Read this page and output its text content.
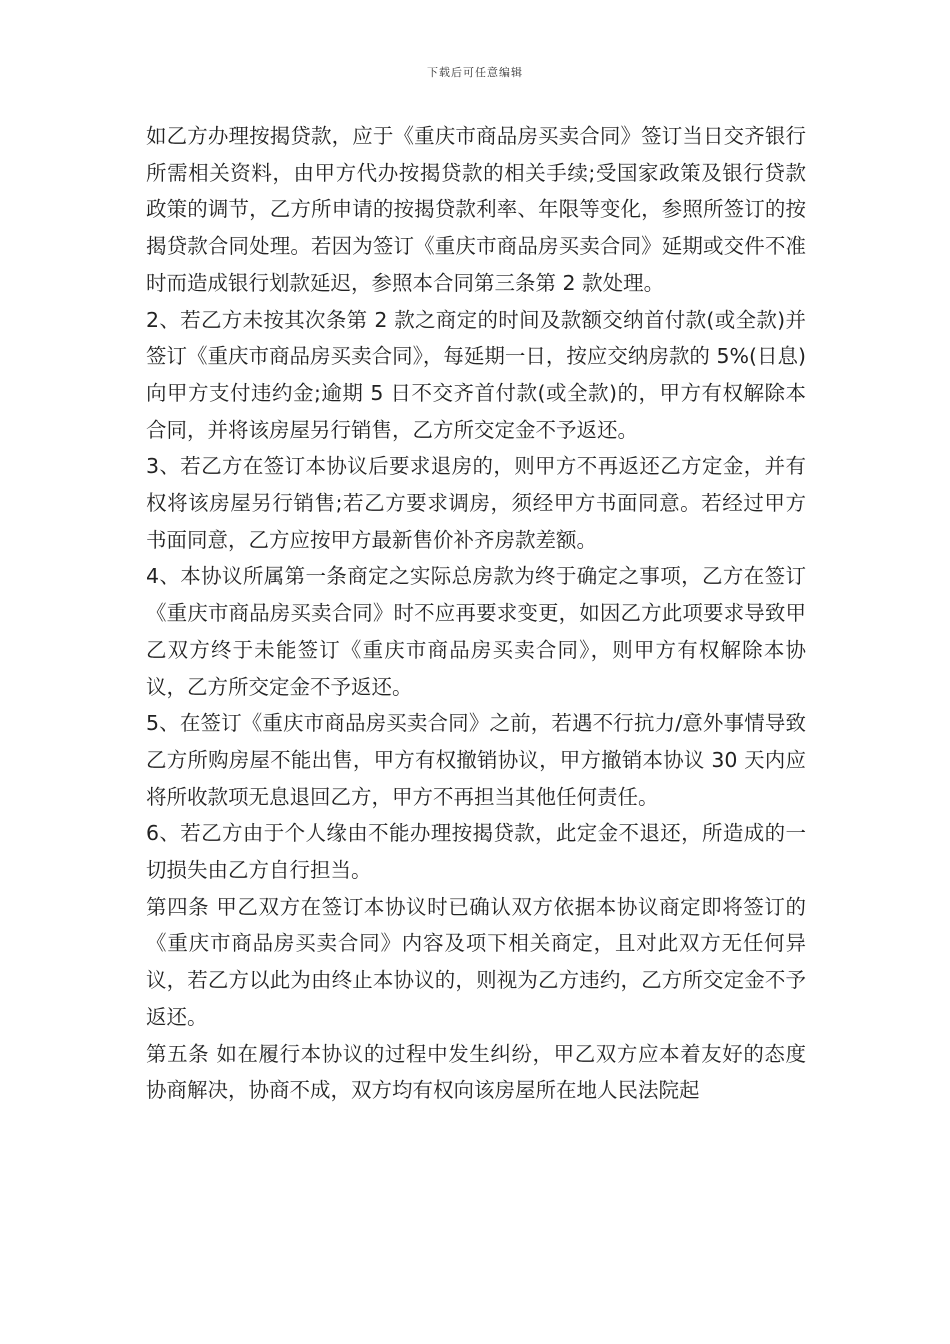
下载后可任意编辑

如乙方办理按揭贷款，应于《重庆市商品房买卖合同》签订当日交齐银行所需相关资料，由甲方代办按揭贷款的相关手续;受国家政策及银行贷款政策的调节，乙方所申请的按揭贷款利率、年限等变化，参照所签订的按揭贷款合同处理。若因为签订《重庆市商品房买卖合同》延期或交件不准时而造成银行划款延迟，参照本合同第三条第 2 款处理。

2、若乙方未按其次条第 2 款之商定的时间及款额交纳首付款(或全款)并签订《重庆市商品房买卖合同》，每延期一日，按应交纳房款的 5%(日息)向甲方支付违约金;逾期 5 日不交齐首付款(或全款)的，甲方有权解除本合同，并将该房屋另行销售，乙方所交定金不予返还。

3、若乙方在签订本协议后要求退房的，则甲方不再返还乙方定金，并有权将该房屋另行销售;若乙方要求调房，须经甲方书面同意。若经过甲方书面同意，乙方应按甲方最新售价补齐房款差额。

4、本协议所属第一条商定之实际总房款为终于确定之事项，乙方在签订《重庆市商品房买卖合同》时不应再要求变更，如因乙方此项要求导致甲乙双方终于未能签订《重庆市商品房买卖合同》，则甲方有权解除本协议，乙方所交定金不予返还。

5、在签订《重庆市商品房买卖合同》之前，若遇不行抗力/意外事情导致乙方所购房屋不能出售，甲方有权撤销协议，甲方撤销本协议 30 天内应将所收款项无息退回乙方，甲方不再担当其他任何责任。

6、若乙方由于个人缘由不能办理按揭贷款，此定金不退还，所造成的一切损失由乙方自行担当。

第四条 甲乙双方在签订本协议时已确认双方依据本协议商定即将签订的《重庆市商品房买卖合同》内容及项下相关商定，且对此双方无任何异议，若乙方以此为由终止本协议的，则视为乙方违约，乙方所交定金不予返还。

第五条 如在履行本协议的过程中发生纠纷，甲乙双方应本着友好的态度协商解决，协商不成，双方均有权向该房屋所在地人民法院起
